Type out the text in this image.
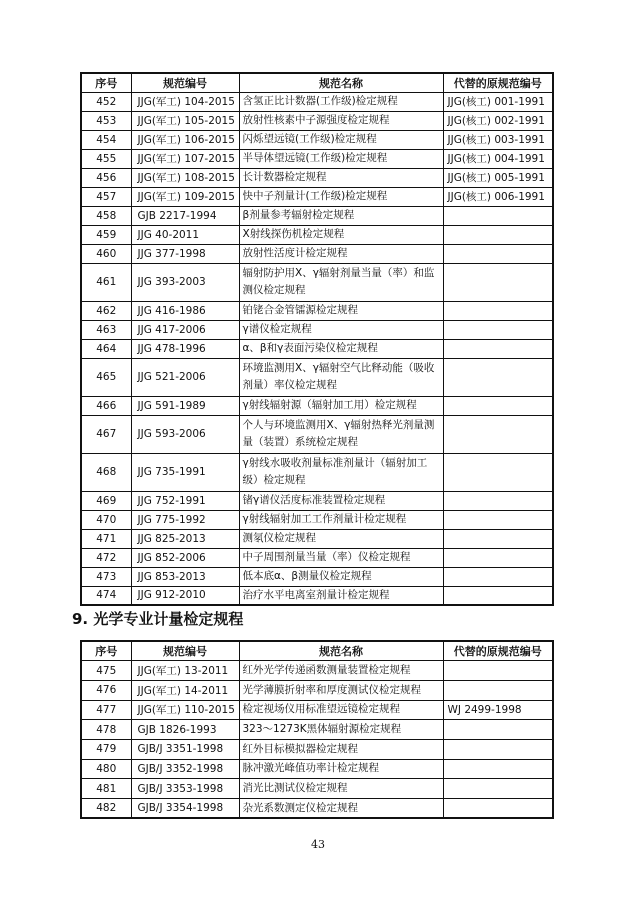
序号	规范编号	规范名称	代替的原规范编号
452	JJG(军工) 104-2015	含氢正比计数器(工作级)检定规程	JJG(核工) 001-1991
453	JJG(军工) 105-2015	放射性核素中子源强度检定规程	JJG(核工) 002-1991
454	JJG(军工) 106-2015	闪烁望远镜(工作级)检定规程	JJG(核工) 003-1991
455	JJG(军工) 107-2015	半导体望远镜(工作级)检定规程	JJG(核工) 004-1991
456	JJG(军工) 108-2015	长计数器检定规程	JJG(核工) 005-1991
457	JJG(军工) 109-2015	快中子剂量计(工作级)检定规程	JJG(核工) 006-1991
458	GJB 2217-1994	β剂量参考辐射检定规程	
459	JJG 40-2011	X射线探伤机检定规程	
460	JJG 377-1998	放射性活度计检定规程	
461	JJG 393-2003	辐射防护用X、γ辐射剂量当量（率）和监测仪检定规程	
462	JJG 416-1986	铂铑合金管镭源检定规程	
463	JJG 417-2006	γ谱仪检定规程	
464	JJG 478-1996	α、β和γ表面污染仪检定规程	
465	JJG 521-2006	环境监测用X、γ辐射空气比释动能（吸收剂量）率仪检定规程	
466	JJG 591-1989	γ射线辐射源（辐射加工用）检定规程	
467	JJG 593-2006	个人与环境监测用X、γ辐射热释光剂量测量（装置）系统检定规程	
468	JJG 735-1991	γ射线水吸收剂量标准剂量计（辐射加工级）检定规程	
469	JJG 752-1991	锗γ谱仪活度标准装置检定规程	
470	JJG 775-1992	γ射线辐射加工工作剂量计检定规程	
471	JJG 825-2013	测氡仪检定规程	
472	JJG 852-2006	中子周围剂量当量（率）仪检定规程	
473	JJG 853-2013	低本底α、β测量仪检定规程	
474	JJG 912-2010	治疗水平电离室剂量计检定规程	
9. 光学专业计量检定规程
序号	规范编号	规范名称	代替的原规范编号
475	JJG(军工) 13-2011	红外光学传递函数测量装置检定规程	
476	JJG(军工) 14-2011	光学薄膜折射率和厚度测试仪检定规程	
477	JJG(军工) 110-2015	检定视场仪用标准望远镜检定规程	WJ 2499-1998
478	GJB 1826-1993	323～1273K黑体辐射源检定规程	
479	GJB/J 3351-1998	红外目标模拟器检定规程	
480	GJB/J 3352-1998	脉冲激光峰值功率计检定规程	
481	GJB/J 3353-1998	消光比测试仪检定规程	
482	GJB/J 3354-1998	杂光系数测定仪检定规程	
43
